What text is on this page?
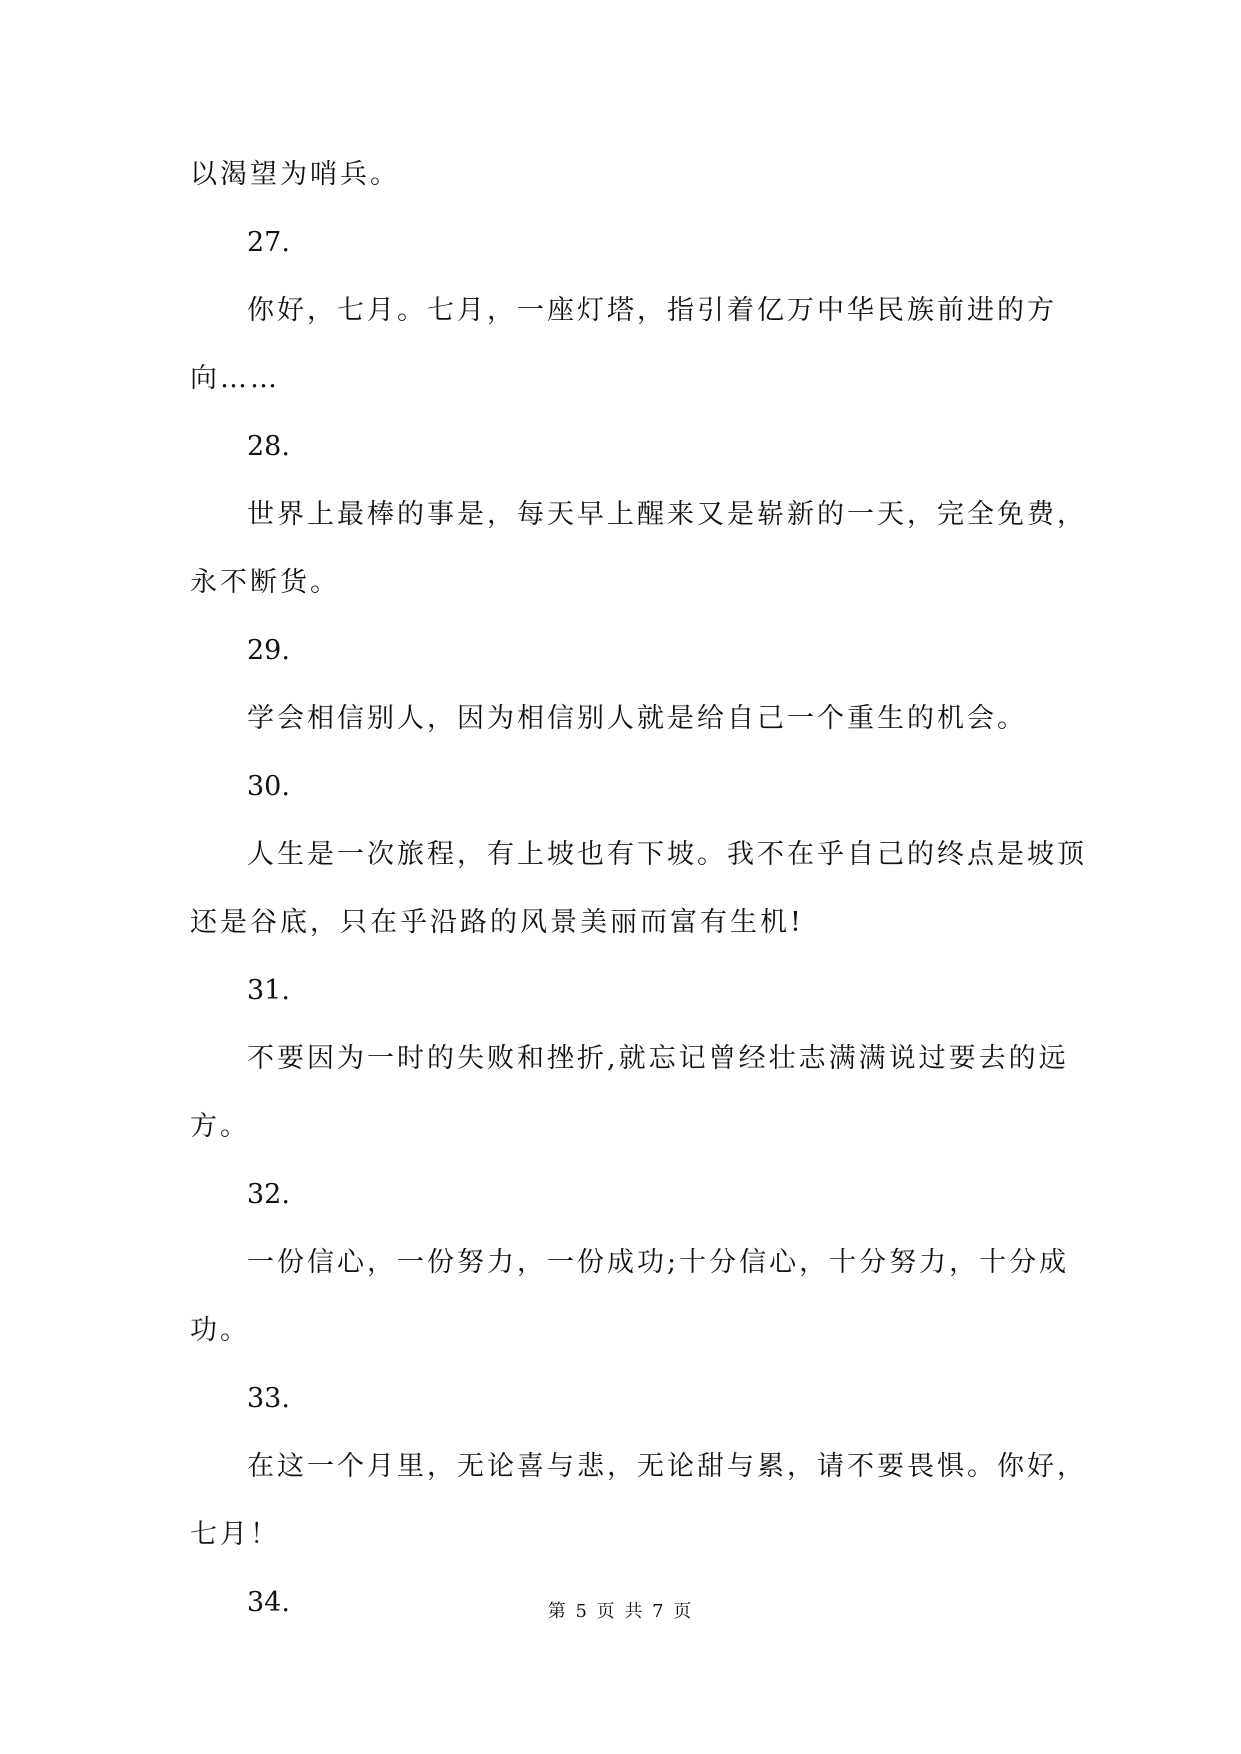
以渴望为哨兵。
27.
你好，七月。七月，一座灯塔，指引着亿万中华民族前进的方
向……
28.
世界上最棒的事是，每天早上醒来又是崭新的一天，完全免费，
永不断货。
29.
学会相信别人，因为相信别人就是给自己一个重生的机会。
30.
人生是一次旅程，有上坡也有下坡。我不在乎自己的终点是坡顶
还是谷底，只在乎沿路的风景美丽而富有生机!
31.
不要因为一时的失败和挫折,就忘记曾经壮志满满说过要去的远
方。
32.
一份信心，一份努力，一份成功;十分信心，十分努力，十分成
功。
33.
在这一个月里，无论喜与悲，无论甜与累，请不要畏惧。你好，
七月！
34.	第 5 页 共 7 页
